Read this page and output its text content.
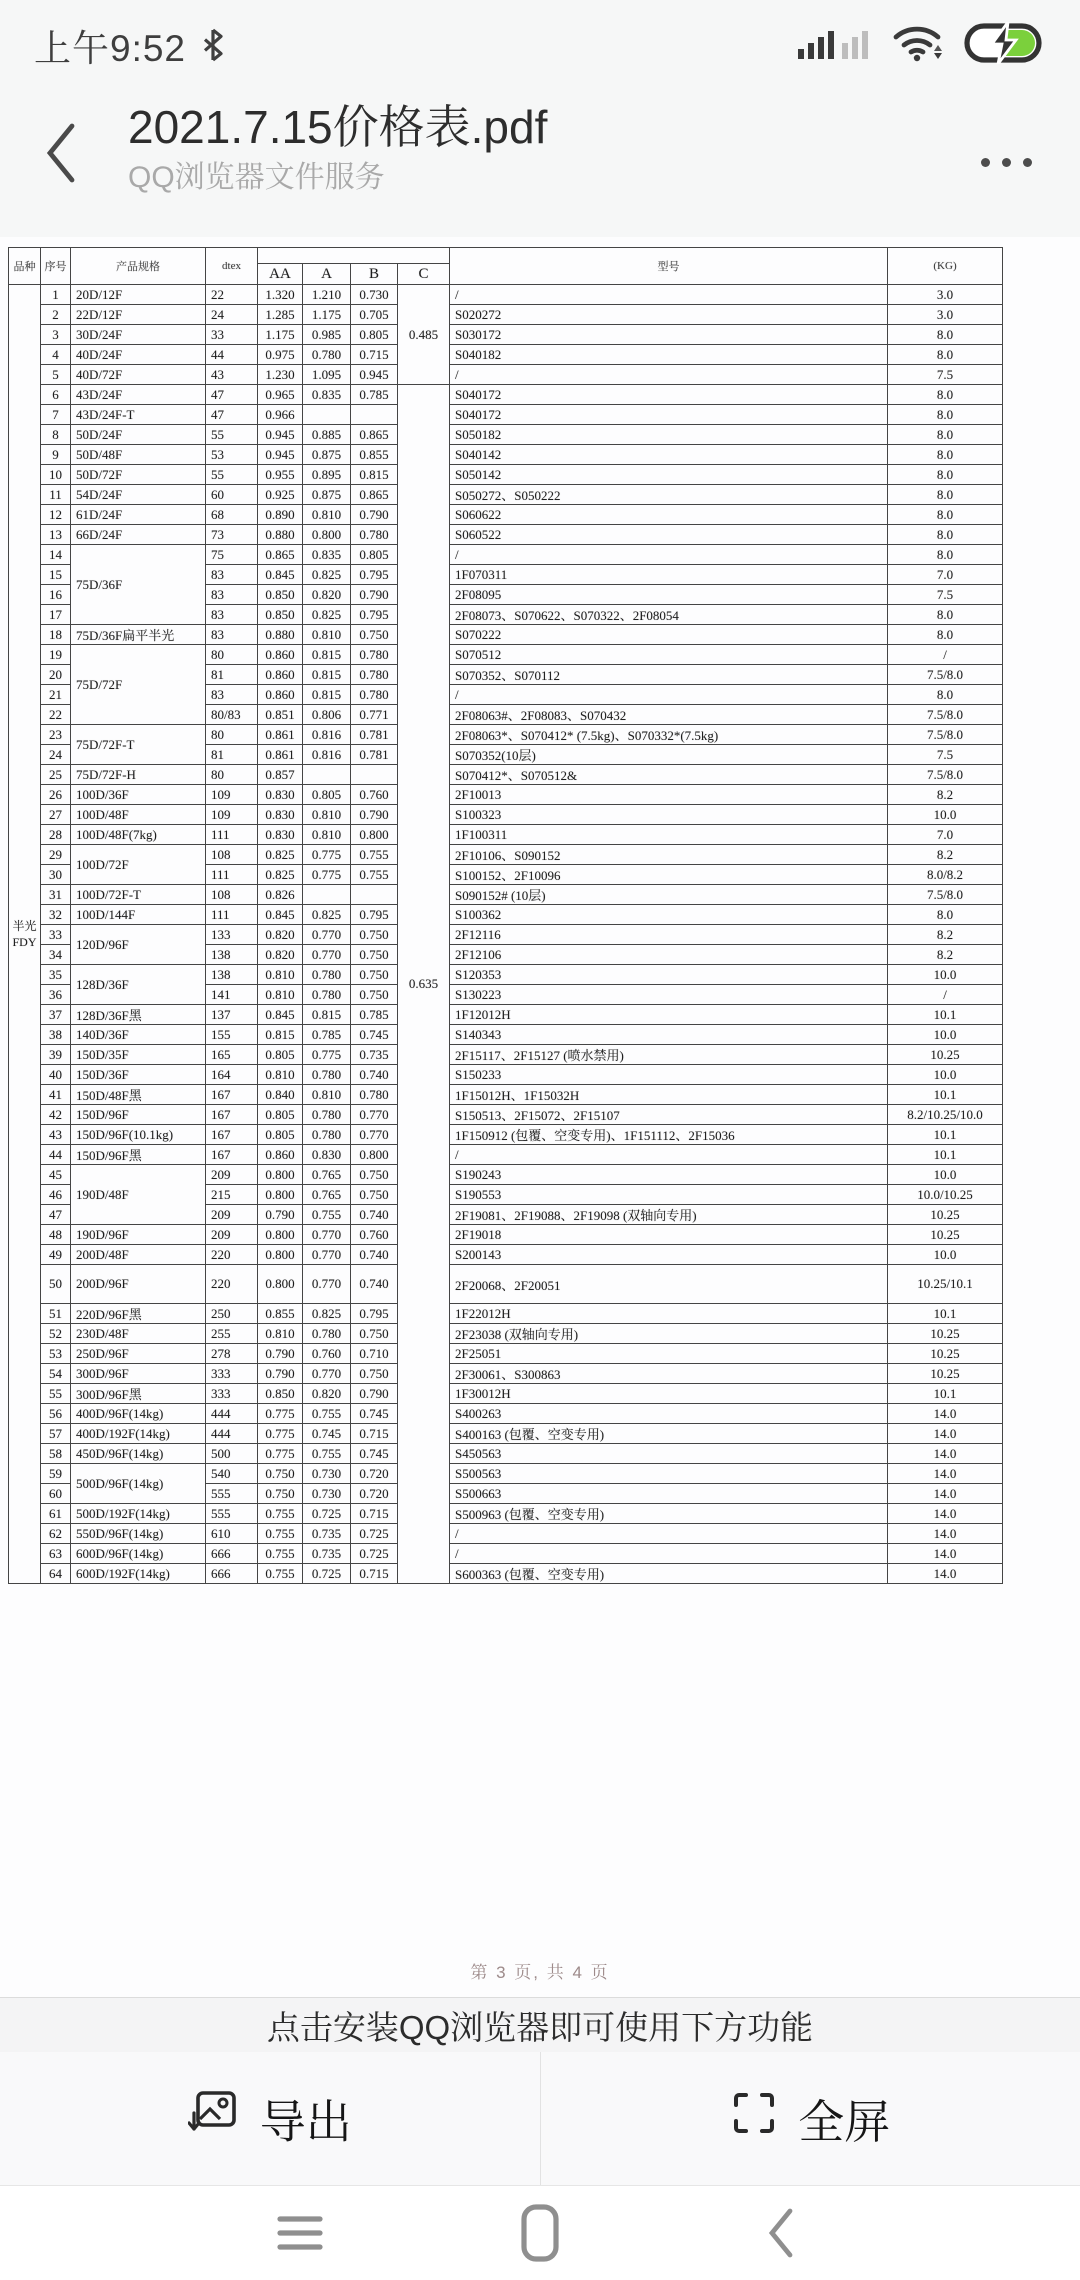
上午9:52
2021.7.15价格表.pdf
QQ浏览器文件服务
品种	序号	产品规格	dtex					型号	(KG)
				AA	A	B	C		
半光FDY	1	20D/12F	22	1.320	1.210	0.730	0.485	/	3.0
	2	22D/12F	24	1.285	1.175	0.705		S020272	3.0
	3	30D/24F	33	1.175	0.985	0.805		S030172	8.0
	4	40D/24F	44	0.975	0.780	0.715		S040182	8.0
	5	40D/72F	43	1.230	1.095	0.945		/	7.5
	6	43D/24F	47	0.965	0.835	0.785	0.635	S040172	8.0
	7	43D/24F-T	47	0.966				S040172	8.0
	8	50D/24F	55	0.945	0.885	0.865		S050182	8.0
	9	50D/48F	53	0.945	0.875	0.855		S040142	8.0
	10	50D/72F	55	0.955	0.895	0.815		S050142	8.0
	11	54D/24F	60	0.925	0.875	0.865		S050272、S050222	8.0
	12	61D/24F	68	0.890	0.810	0.790		S060622	8.0
	13	66D/24F	73	0.880	0.800	0.780		S060522	8.0
	14	75D/36F	75	0.865	0.835	0.805		/	8.0
	15		83	0.845	0.825	0.795		1F070311	7.0
	16		83	0.850	0.820	0.790		2F08095	7.5
	17		83	0.850	0.825	0.795		2F08073、S070622、S070322、2F08054	8.0
	18	75D/36F扁平半光	83	0.880	0.810	0.750		S070222	8.0
	19	75D/72F	80	0.860	0.815	0.780		S070512	/
	20		81	0.860	0.815	0.780		S070352、S070112	7.5/8.0
	21		83	0.860	0.815	0.780		/	8.0
	22		80/83	0.851	0.806	0.771		2F08063#、2F08083、S070432	7.5/8.0
	23	75D/72F-T	80	0.861	0.816	0.781		2F08063*、S070412* (7.5kg)、S070332*(7.5kg)	7.5/8.0
	24		81	0.861	0.816	0.781		S070352(10层)	7.5
	25	75D/72F-H	80	0.857				S070412*、S070512&	7.5/8.0
	26	100D/36F	109	0.830	0.805	0.760		2F10013	8.2
	27	100D/48F	109	0.830	0.810	0.790		S100323	10.0
	28	100D/48F(7kg)	111	0.830	0.810	0.800		1F100311	7.0
	29	100D/72F	108	0.825	0.775	0.755		2F10106、S090152	8.2
	30		111	0.825	0.775	0.755		S100152、2F10096	8.0/8.2
	31	100D/72F-T	108	0.826				S090152# (10层)	7.5/8.0
	32	100D/144F	111	0.845	0.825	0.795		S100362	8.0
	33	120D/96F	133	0.820	0.770	0.750		2F12116	8.2
	34		138	0.820	0.770	0.750		2F12106	8.2
	35	128D/36F	138	0.810	0.780	0.750		S120353	10.0
	36		141	0.810	0.780	0.750		S130223	/
	37	128D/36F黑	137	0.845	0.815	0.785		1F12012H	10.1
	38	140D/36F	155	0.815	0.785	0.745		S140343	10.0
	39	150D/35F	165	0.805	0.775	0.735		2F15117、2F15127 (喷水禁用)	10.25
	40	150D/36F	164	0.810	0.780	0.740		S150233	10.0
	41	150D/48F黑	167	0.840	0.810	0.780		1F15012H、1F15032H	10.1
	42	150D/96F	167	0.805	0.780	0.770		S150513、2F15072、2F15107	8.2/10.25/10.0
	43	150D/96F(10.1kg)	167	0.805	0.780	0.770		1F150912 (包覆、空变专用)、1F151112、2F15036	10.1
	44	150D/96F黑	167	0.860	0.830	0.800		/	10.1
	45	190D/48F	209	0.800	0.765	0.750		S190243	10.0
	46		215	0.800	0.765	0.750		S190553	10.0/10.25
	47		209	0.790	0.755	0.740		2F19081、2F19088、2F19098 (双轴向专用)	10.25
	48	190D/96F	209	0.800	0.770	0.760		2F19018	10.25
	49	200D/48F	220	0.800	0.770	0.740		S200143	10.0
	50	200D/96F	220	0.800	0.770	0.740		2F20068、2F20051	10.25/10.1
	51	220D/96F黑	250	0.855	0.825	0.795		1F22012H	10.1
	52	230D/48F	255	0.810	0.780	0.750		2F23038 (双轴向专用)	10.25
	53	250D/96F	278	0.790	0.760	0.710		2F25051	10.25
	54	300D/96F	333	0.790	0.770	0.750		2F30061、S300863	10.25
	55	300D/96F黑	333	0.850	0.820	0.790		1F30012H	10.1
	56	400D/96F(14kg)	444	0.775	0.755	0.745		S400263	14.0
	57	400D/192F(14kg)	444	0.775	0.745	0.715		S400163 (包覆、空变专用)	14.0
	58	450D/96F(14kg)	500	0.775	0.755	0.745		S450563	14.0
	59	500D/96F(14kg)	540	0.750	0.730	0.720		S500563	14.0
	60		555	0.750	0.730	0.720		S500663	14.0
	61	500D/192F(14kg)	555	0.755	0.725	0.715		S500963 (包覆、空变专用)	14.0
	62	550D/96F(14kg)	610	0.755	0.735	0.725		/	14.0
	63	600D/96F(14kg)	666	0.755	0.735	0.725		/	14.0
	64	600D/192F(14kg)	666	0.755	0.725	0.715		S600363 (包覆、空变专用)	14.0
第 3 页, 共 4 页
点击安装QQ浏览器即可使用下方功能
导出	全屏
